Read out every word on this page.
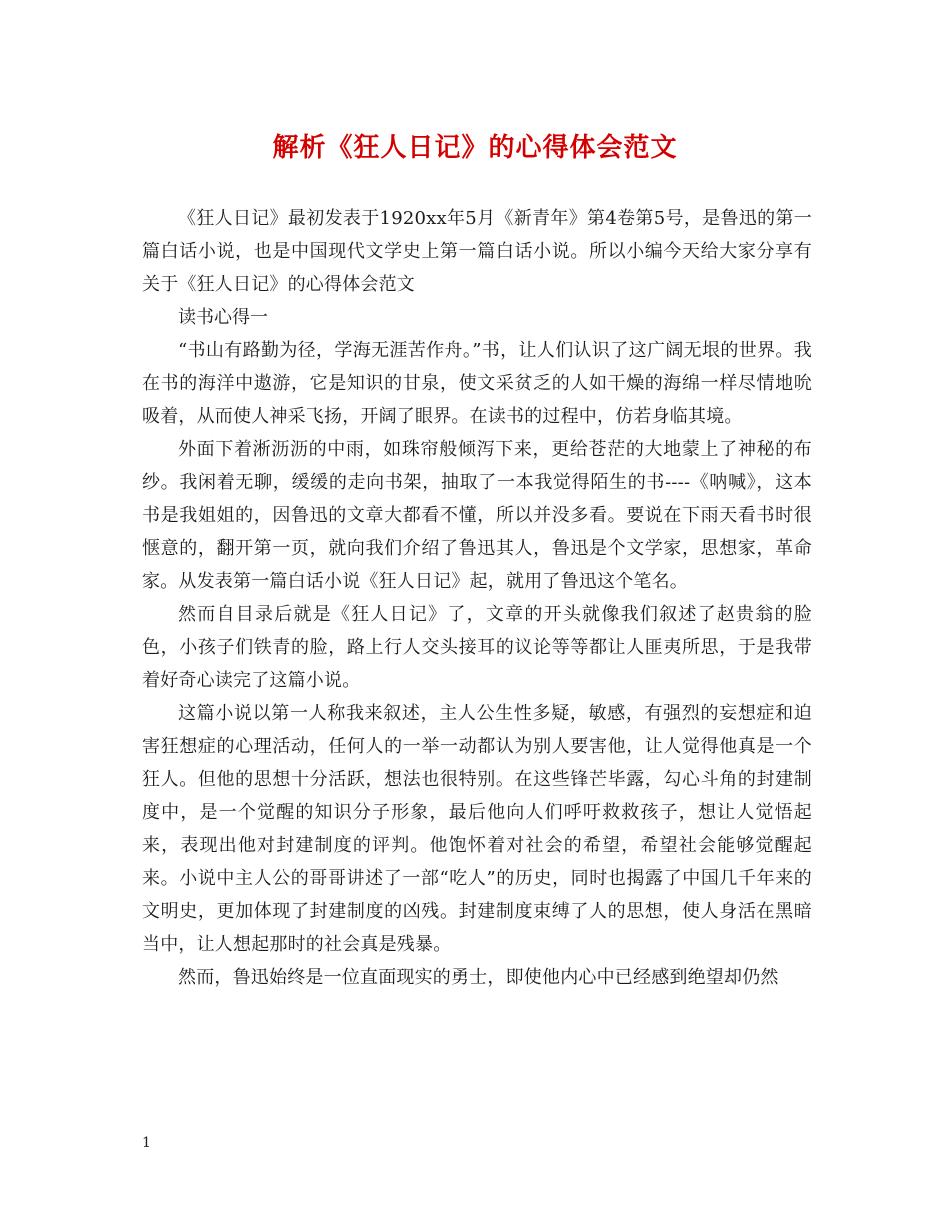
解析《狂人日记》的心得体会范文

《狂人日记》最初发表于1920xx年5月《新青年》第4卷第5号，是鲁迅的第一篇白话小说，也是中国现代文学史上第一篇白话小说。所以小编今天给大家分享有关于《狂人日记》的心得体会范文

读书心得一

“书山有路勤为径，学海无涯苦作舟。”书，让人们认识了这广阔无垠的世界。我在书的海洋中遨游，它是知识的甘泉，使文采贫乏的人如干燥的海绵一样尽情地吮吸着，从而使人神采飞扬，开阔了眼界。在读书的过程中，仿若身临其境。

外面下着淅沥沥的中雨，如珠帘般倾泻下来，更给苍茫的大地蒙上了神秘的布纱。我闲着无聊，缓缓的走向书架，抽取了一本我觉得陌生的书----《呐喊》，这本书是我姐姐的，因鲁迅的文章大都看不懂，所以并没多看。要说在下雨天看书时很惬意的，翻开第一页，就向我们介绍了鲁迅其人，鲁迅是个文学家，思想家，革命家。从发表第一篇白话小说《狂人日记》起，就用了鲁迅这个笔名。

然而自目录后就是《狂人日记》了，文章的开头就像我们叙述了赵贵翁的脸色，小孩子们铁青的脸，路上行人交头接耳的议论等等都让人匪夷所思，于是我带着好奇心读完了这篇小说。

这篇小说以第一人称我来叙述，主人公生性多疑，敏感，有强烈的妄想症和迫害狂想症的心理活动，任何人的一举一动都认为别人要害他，让人觉得他真是一个狂人。但他的思想十分活跃，想法也很特别。在这些锋芒毕露，勾心斗角的封建制度中，是一个觉醒的知识分子形象，最后他向人们呼吁救救孩子，想让人觉悟起来，表现出他对封建制度的评判。他饱怀着对社会的希望，希望社会能够觉醒起来。小说中主人公的哥哥讲述了一部“吃人”的历史，同时也揭露了中国几千年来的文明史，更加体现了封建制度的凶残。封建制度束缚了人的思想，使人身活在黑暗当中，让人想起那时的社会真是残暴。

然而，鲁迅始终是一位直面现实的勇士，即使他内心中已经感到绝望却仍然

1
